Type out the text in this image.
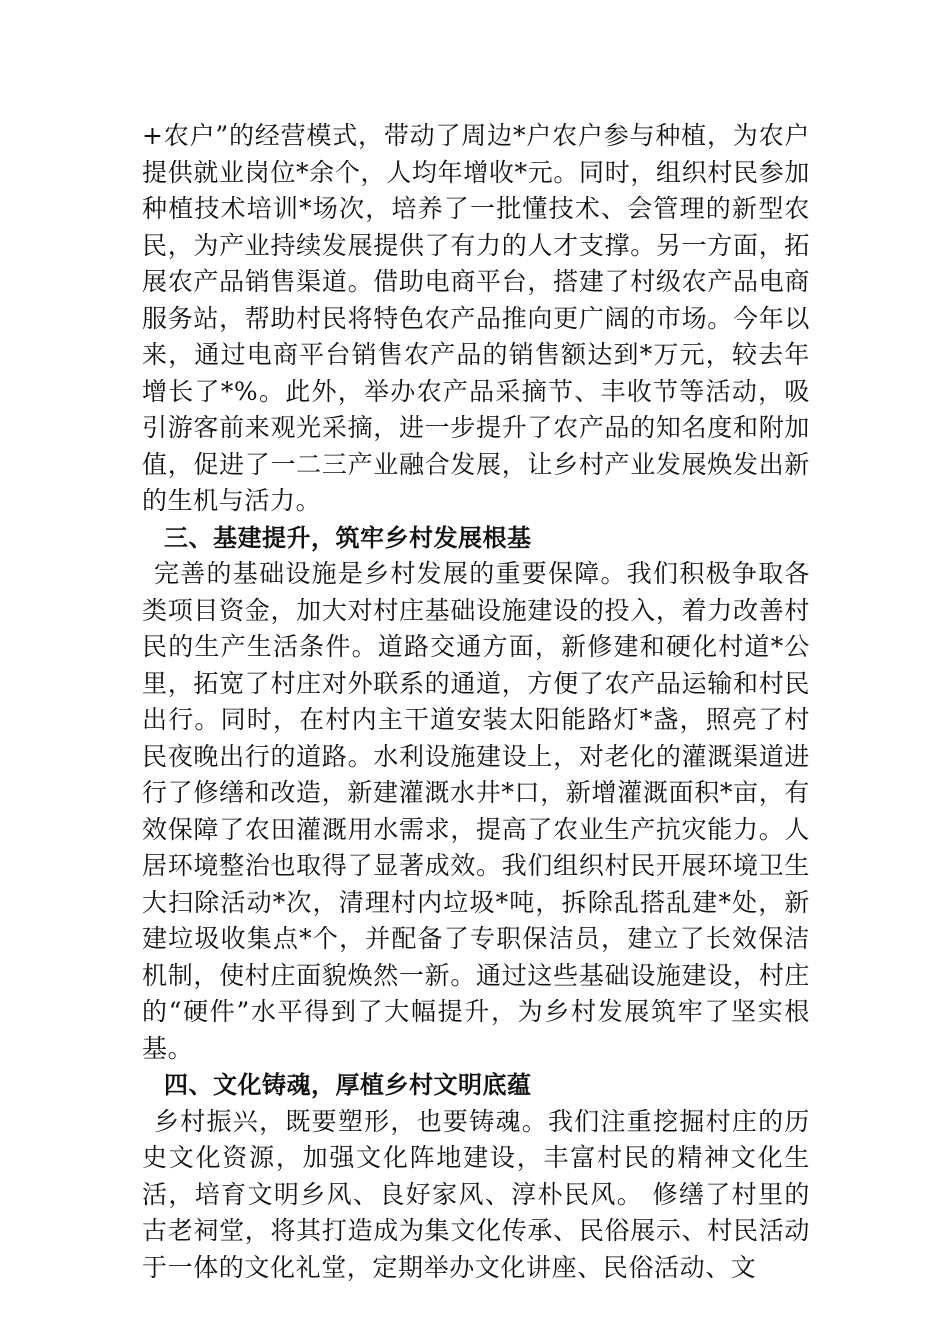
+农户”的经营模式，带动了周边*户农户参与种植，为农户提供就业岗位*余个，人均年增收*元。同时，组织村民参加种植技术培训*场次，培养了一批懂技术、会管理的新型农民，为产业持续发展提供了有力的人才支撑。另一方面，拓展农产品销售渠道。借助电商平台，搭建了村级农产品电商服务站，帮助村民将特色农产品推向更广阔的市场。今年以来，通过电商平台销售农产品的销售额达到*万元，较去年增长了*%。此外，举办农产品采摘节、丰收节等活动，吸引游客前来观光采摘，进一步提升了农产品的知名度和附加值，促进了一二三产业融合发展，让乡村产业发展焕发出新的生机与活力。

三、基建提升，筑牢乡村发展根基

完善的基础设施是乡村发展的重要保障。我们积极争取各类项目资金，加大对村庄基础设施建设的投入，着力改善村民的生产生活条件。道路交通方面，新修建和硬化村道*公里，拓宽了村庄对外联系的通道，方便了农产品运输和村民出行。同时，在村内主干道安装太阳能路灯*盏，照亮了村民夜晚出行的道路。水利设施建设上，对老化的灌溉渠道进行了修缮和改造，新建灌溉水井*口，新增灌溉面积*亩，有效保障了农田灌溉用水需求，提高了农业生产抗灾能力。人居环境整治也取得了显著成效。我们组织村民开展环境卫生大扫除活动*次，清理村内垃圾*吨，拆除乱搭乱建*处，新建垃圾收集点*个，并配备了专职保洁员，建立了长效保洁机制，使村庄面貌焕然一新。通过这些基础设施建设，村庄的“硬件”水平得到了大幅提升，为乡村发展筑牢了坚实根基。

四、文化铸魂，厚植乡村文明底蕴

乡村振兴，既要塑形，也要铸魂。我们注重挖掘村庄的历史文化资源，加强文化阵地建设，丰富村民的精神文化生活，培育文明乡风、良好家风、淳朴民风。 修缮了村里的古老祠堂，将其打造成为集文化传承、民俗展示、村民活动于一体的文化礼堂，定期举办文化讲座、民俗活动、文
